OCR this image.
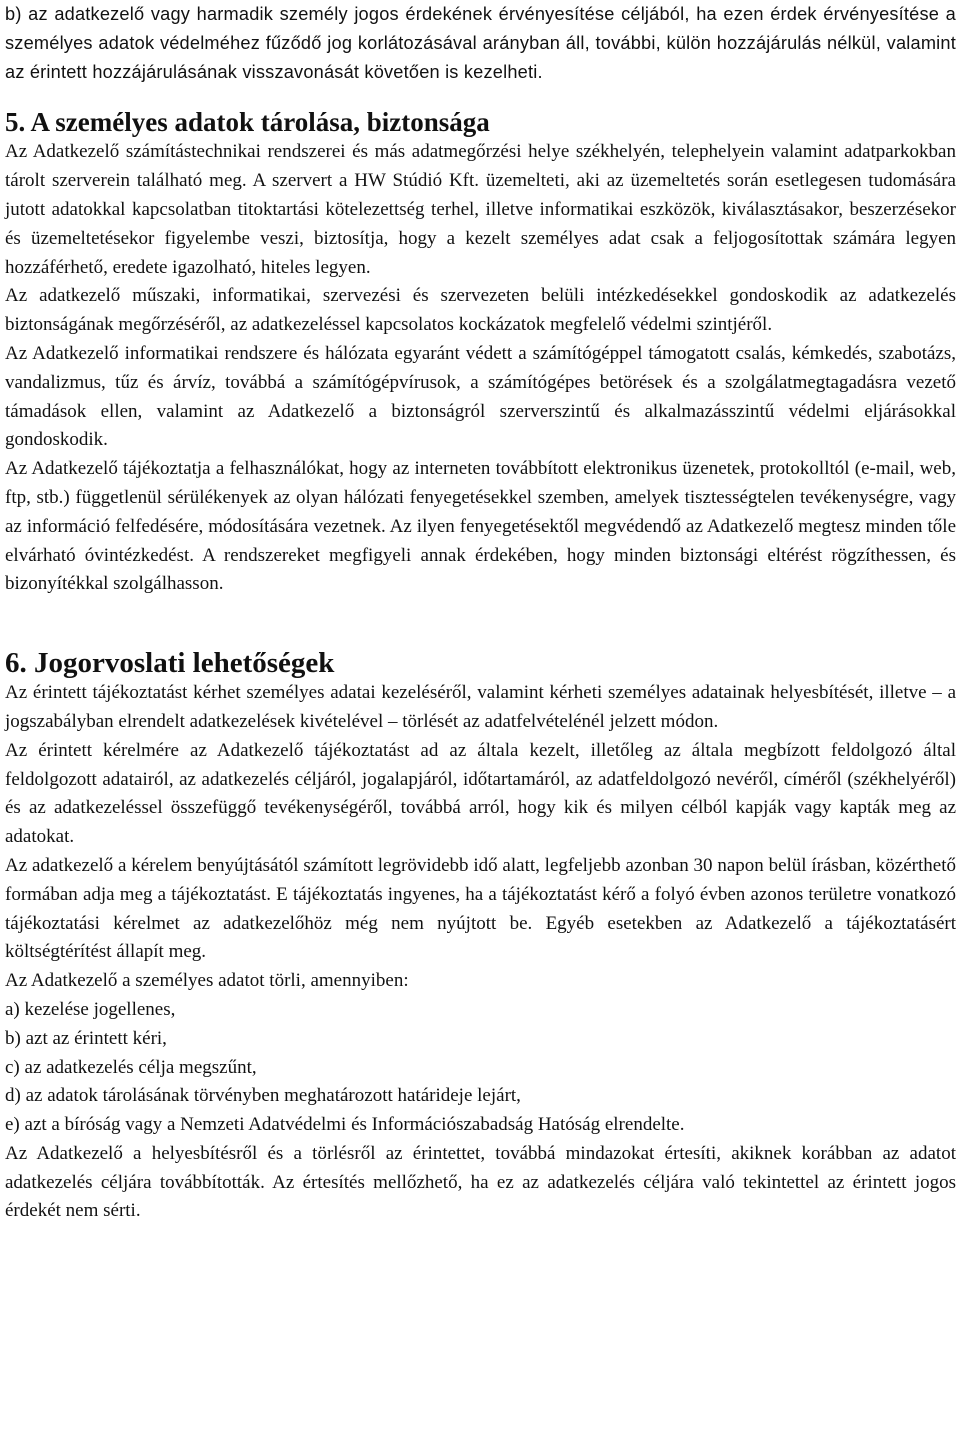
b) az adatkezelő vagy harmadik személy jogos érdekének érvényesítése céljából, ha ezen érdek érvényesítése a személyes adatok védelméhez fűződő jog korlátozásával arányban áll, további, külön hozzájárulás nélkül, valamint az érintett hozzájárulásának visszavonását követően is kezelheti.

5. A személyes adatok tárolása, biztonsága

Az Adatkezelő számítástechnikai rendszerei és más adatmegőrzési helye székhelyén, telephelyein valamint adatparkokban tárolt szerverein található meg. A szervert a HW Stúdió Kft. üzemelteti, aki az üzemeltetés során esetlegesen tudomására jutott adatokkal kapcsolatban titoktartási kötelezettség terhel, illetve informatikai eszközök, kiválasztásakor, beszerzésekor és üzemeltetésekor figyelembe veszi, biztosítja, hogy a kezelt személyes adat csak a feljogosítottak számára legyen hozzáférhető, eredete igazolható, hiteles legyen.

Az adatkezelő műszaki, informatikai, szervezési és szervezeten belüli intézkedésekkel gondoskodik az adatkezelés biztonságának megőrzéséről, az adatkezeléssel kapcsolatos kockázatok megfelelő védelmi szintjéről.

Az Adatkezelő informatikai rendszere és hálózata egyaránt védett a számítógéppel támogatott csalás, kémkedés, szabotázs, vandalizmus, tűz és árvíz, továbbá a számítógépvírusok, a számítógépes betörések és a szolgálatmegtagadásra vezető támadások ellen, valamint az Adatkezelő a biztonságról szerverszintű és alkalmazásszintű védelmi eljárásokkal gondoskodik.

Az Adatkezelő tájékoztatja a felhasználókat, hogy az interneten továbbított elektronikus üzenetek, protokolltól (e-mail, web, ftp, stb.) függetlenül sérülékenyek az olyan hálózati fenyegetésekkel szemben, amelyek tisztességtelen tevékenységre, vagy az információ felfedésére, módosítására vezetnek. Az ilyen fenyegetésektől megvédendő az Adatkezelő megtesz minden tőle elvárható óvintézkedést. A rendszereket megfigyeli annak érdekében, hogy minden biztonsági eltérést rögzíthessen, és bizonyítékkal szolgálhasson.

6. Jogorvoslati lehetőségek

Az érintett tájékoztatást kérhet személyes adatai kezeléséről, valamint kérheti személyes adatainak helyesbítését, illetve – a jogszabályban elrendelt adatkezelések kivételével – törlését az adatfelvételénél jelzett módon.

Az érintett kérelmére az Adatkezelő tájékoztatást ad az általa kezelt, illetőleg az általa megbízott feldolgozó által feldolgozott adatairól, az adatkezelés céljáról, jogalapjáról, időtartamáról, az adatfeldolgozó nevéről, címéről (székhelyéről) és az adatkezeléssel összefüggő tevékenységéről, továbbá arról, hogy kik és milyen célból kapják vagy kapták meg az adatokat.

Az adatkezelő a kérelem benyújtásától számított legrövidebb idő alatt, legfeljebb azonban 30 napon belül írásban, közérthető formában adja meg a tájékoztatást. E tájékoztatás ingyenes, ha a tájékoztatást kérő a folyó évben azonos területre vonatkozó tájékoztatási kérelmet az adatkezelőhöz még nem nyújtott be. Egyéb esetekben az Adatkezelő a tájékoztatásért költségtérítést állapít meg.

Az Adatkezelő a személyes adatot törli, amennyiben:

a) kezelése jogellenes,

b) azt az érintett kéri,

c) az adatkezelés célja megszűnt,

d) az adatok tárolásának törvényben meghatározott határideje lejárt,

e) azt a bíróság vagy a Nemzeti Adatvédelmi és Információszabadság Hatóság elrendelte.

Az Adatkezelő a helyesbítésről és a törlésről az érintettet, továbbá mindazokat értesíti, akiknek korábban az adatot adatkezelés céljára továbbították. Az értesítés mellőzhető, ha ez az adatkezelés céljára való tekintettel az érintett jogos érdekét nem sérti.
